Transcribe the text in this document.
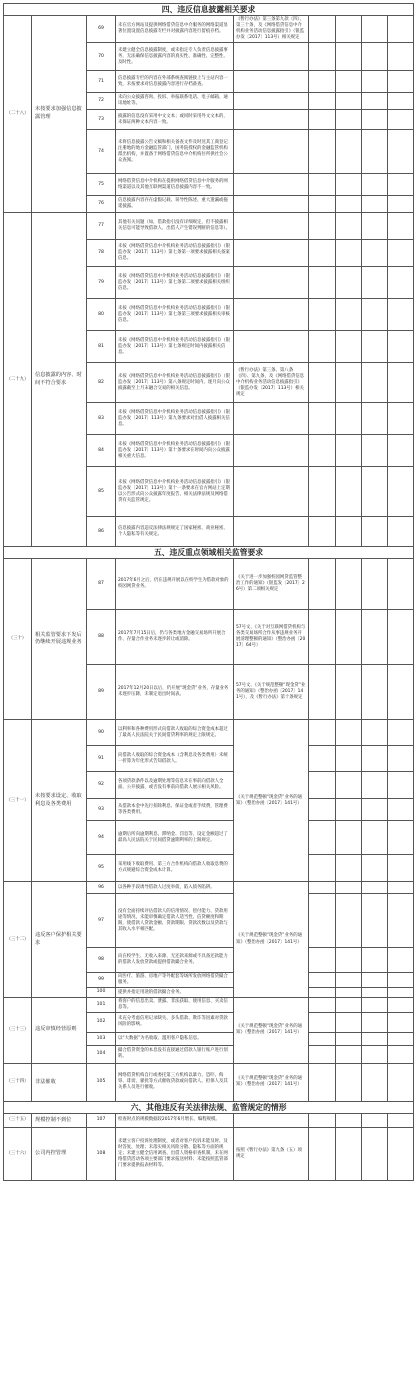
四、违反信息披露相关要求								
（二十八）	未按要求加强信息披露管理	69	未在官方网站及提供网络借贷信息中介服务的网络渠道显著位置设置信息披露专栏并对披露内容进行留痕存档。	《暂行办法》第三条第九款（四）、第三十条，及《网络借贷信息中介机构业务活动信息披露指引》（银监办发〔2017〕113号）相关规定				
		70	未建立健全信息披露制度，或未指定专人负责信息披露事务，无法确保信息披露内容的真实性、准确性、完整性、及时性。					
		71	信息披露专栏的内容在外部系统查阅链接上与主站内容一致，未按要求对信息披露内容进行存档备查。					
		72	未向公众披露咨询、投诉、举报联系电话、电子邮箱、通讯地址等。					
		73	披露的信息没有采用中文文本；或同时采用外文文本的，未保证两种文本内容一致。					
		74	未将信息披露公告文稿和相关备查文件及时送其工商登记注册地的地方金融监管部门，国务院授权的金融监管机构派出机构，并置备于网络借贷信息中介机构住所供社会公众查阅。					
		75	网络借贷信息中介机构在提供网络借贷信息中介服务的网络渠道以及其他互联网渠道信息披露内容不一致。					
		76	信息披露内容存在虚假记载、误导性陈述、重大遗漏或拖延披露。					
（二十九）	信息披露的内容、时间不符合要求	77	其他有关问题（如，借款指引没有详细规定，但不披露相关信息可能导致借款人、出借人产生错误判断的信息等）。					
		78	未按《网络借贷信息中介机构业务活动信息披露指引》（银监办发〔2017〕113号）第七条第一项要求披露相关备案信息。					
		79	未按《网络借贷信息中介机构业务活动信息披露指引》（银监办发〔2017〕113号）第七条第二项要求披露相关组织信息。					
		80	未按《网络借贷信息中介机构业务活动信息披露指引》（银监办发〔2017〕113号）第七条第三项要求披露相关审核信息。					
		81	未按《网络借贷信息中介机构业务活动信息披露指引》（银监办发〔2017〕113号）第七条规定时间内披露相关信息。					
		82	未按《网络借贷信息中介机构业务活动信息披露指引》（银监办发〔2017〕113号）第八条规定时间内、逐月向公众披露截至上月末融合交易的相关信息。	《暂行办法》第三条、第八条（四）、第九条，及《网络借贷信息中介机构业务活动信息披露指引》（银监办发〔2017〕113号）相关规定				
		83	未按《网络借贷信息中介机构业务活动信息披露指引》（银监办发〔2017〕113号）第九条要求对出借人披露相关信息。					
		84	未按《网络借贷信息中介机构业务活动信息披露指引》（银监办发〔2017〕113号）第十条要求在时间内向公众披露相关重大信息。					
		85	未按《网络借贷信息中介机构业务活动信息披露指引》（银监办发〔2017〕113号）第十一条要求在官方网站上定期以公告形式向公众披露年度报告、相关法律法规及网络借贷有关监管规定。					
		86	信息披露内容违反法律法规规定了国家秘密、商业秘密、个人隐私等有关规定。					
五、违反重点领域相关监管要求								
（三十）	相关监管要求下发后仍继续开展违规业务	87	2017年6月之后，仍在违规开展以在校学生为借款对象的校园网贷业务。	《关于进一步加强校园网贷监管整治工作的通知》（银监发〔2017〕26号）第二项相关规定				
		88	2017年7月15日后，仍与各类地方金融交易场所开展合作、存量合作业务未逐步转让或消除。	57号文、《关于对互联网借贷机构与各类交易场所合作从事违规业务开展清理整顿的通知》（整治办函〔2017〕64号）				
		89	2017年12月20日以后，仍开展“现金贷”业务，存量业务未逐步压降，未制定退出时间表。	57号文、《关于规范整顿“现金贷”业务的通知》（整治办函〔2017〕141号），及《暂行办法》第十条规定				
（三十一）	未按要求设定、收取利息及各类费用	90	以利率和各种费用形式向借款人收取的综合资金成本超过了最高人民法院关于民间借贷利率的规定上限规定。	《关于规范整顿“现金贷”业务的通知》（整治办函〔2017〕141号）				
		91	向借款人收取的综合资金成本（含利息及各类费用）未统一折算为年化形式告知借款人。					
		92	各项贷款条件以及逾期处理等信息未在事前向借款人全面、公开披露，或否没有事前向借款人展示相关风险。					
		93	从借款本金中先行扣除利息、保证金或者手续费，管理费等各类费用。					
		94	逾期后所向逾期利息、滞纳金、罚息等，设定金额超过了最高人民法院关于民间借贷逾期利率的上限规定。					
		95	采用线下收取费用、第三方合作机构向借款人收取息费的方式规避综合资金成本计算。					
（三十二）	违反客户保护相关要求	96	以各种手段诱导借款人过度举债，陷入债务陷阱。	《关于规范整顿“现金贷”业务的通知》（整治办函〔2017〕141号）				
		97	没有全面持续评估借款人的信用情况、偿付能力、贷款用途等情况，未能审慎确定借款人适当性、信贷额度和期限，使借款人贷款金额、贷款期限、贷款次数以及贷款与其收入水平相匹配。					
		98	向在校学生、无收入来源、无还款来源或不具备还款能力的借款人发放贷款或提供借款撮合业务。					
		99	向医疗、旅游、房地产等外配套等场所发放网络借贷撮合服务。					
		100	提供并指定用途的借款撮合业务。					
（三十三）	违反审慎经营原则	101	将客户的信息出卖、泄露、非法获取、使用信息、买卖信息等。	《关于规范整顿“现金贷”业务的通知》（整治办函〔2017〕141号）				
		102	未充分考虑信用记录缺失、多头借款、欺诈等因素对贷款风险的影响。					
		103	以“大数据”为名收取、滥用客户隐私信息。					
		104	撮合借贷资金的本息没有直接通过借款人银行账户进行划转。					
（三十四）	非法催收	105	网络借贷机构自行或委托第三方机构以暴力、恐吓、侮辱、诽谤、骚扰等方式催收贷款或向借款人、担保人及其关系人员进行催收。	《关于规范整顿“现金贷”业务的通知》（整治办函〔2017〕141号）				
六、其他违反有关法律法规、监管规定的情形								
（三十五）	规模控制不到位	107	检查时点的规模数据较2017年6月增长、编程规模。					
（三十六）	公司内控管理	108	未建立客户投诉处理制度，或者对客户投诉未能及时、及时答复、处理；未落实相关风险分散、隐私等方面的规定；未建立健全信用调查、出借人资格审查机制，未在网络借贷活动各项主要部门要求报送材料；未能按照监管部门要求提供报表材料等。	按照《暂行办法》第九条（五）项规定				
